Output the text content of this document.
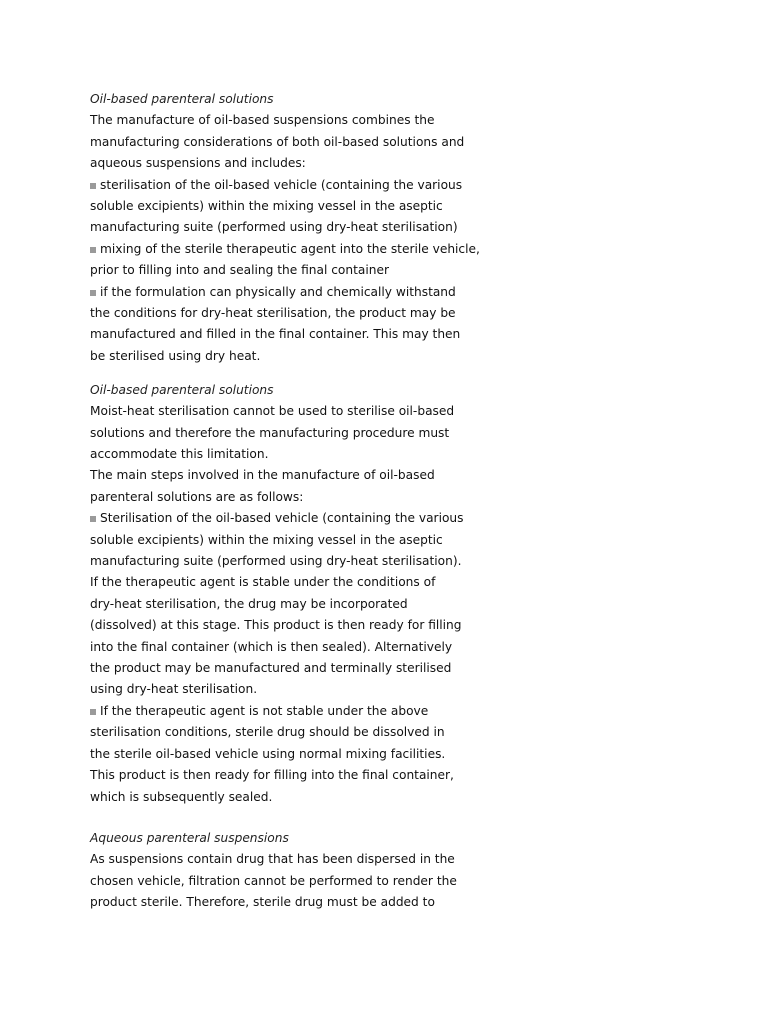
Oil-based parenteral solutions
The manufacture of oil-based suspensions combines the
manufacturing considerations of both oil-based solutions and
aqueous suspensions and includes:
sterilisation of the oil-based vehicle (containing the various
soluble excipients) within the mixing vessel in the aseptic
manufacturing suite (performed using dry-heat sterilisation)
mixing of the sterile therapeutic agent into the sterile vehicle,
prior to filling into and sealing the final container
if the formulation can physically and chemically withstand
the conditions for dry-heat sterilisation, the product may be
manufactured and filled in the final container. This may then
be sterilised using dry heat.
Oil-based parenteral solutions
Moist-heat sterilisation cannot be used to sterilise oil-based
solutions and therefore the manufacturing procedure must
accommodate this limitation.
The main steps involved in the manufacture of oil-based
parenteral solutions are as follows:
Sterilisation of the oil-based vehicle (containing the various
soluble excipients) within the mixing vessel in the aseptic
manufacturing suite (performed using dry-heat sterilisation).
If the therapeutic agent is stable under the conditions of
dry-heat sterilisation, the drug may be incorporated
(dissolved) at this stage. This product is then ready for filling
into the final container (which is then sealed). Alternatively
the product may be manufactured and terminally sterilised
using dry-heat sterilisation.
If the therapeutic agent is not stable under the above
sterilisation conditions, sterile drug should be dissolved in
the sterile oil-based vehicle using normal mixing facilities.
This product is then ready for filling into the final container,
which is subsequently sealed.
Aqueous parenteral suspensions
As suspensions contain drug that has been dispersed in the
chosen vehicle, filtration cannot be performed to render the
product sterile. Therefore, sterile drug must be added to
